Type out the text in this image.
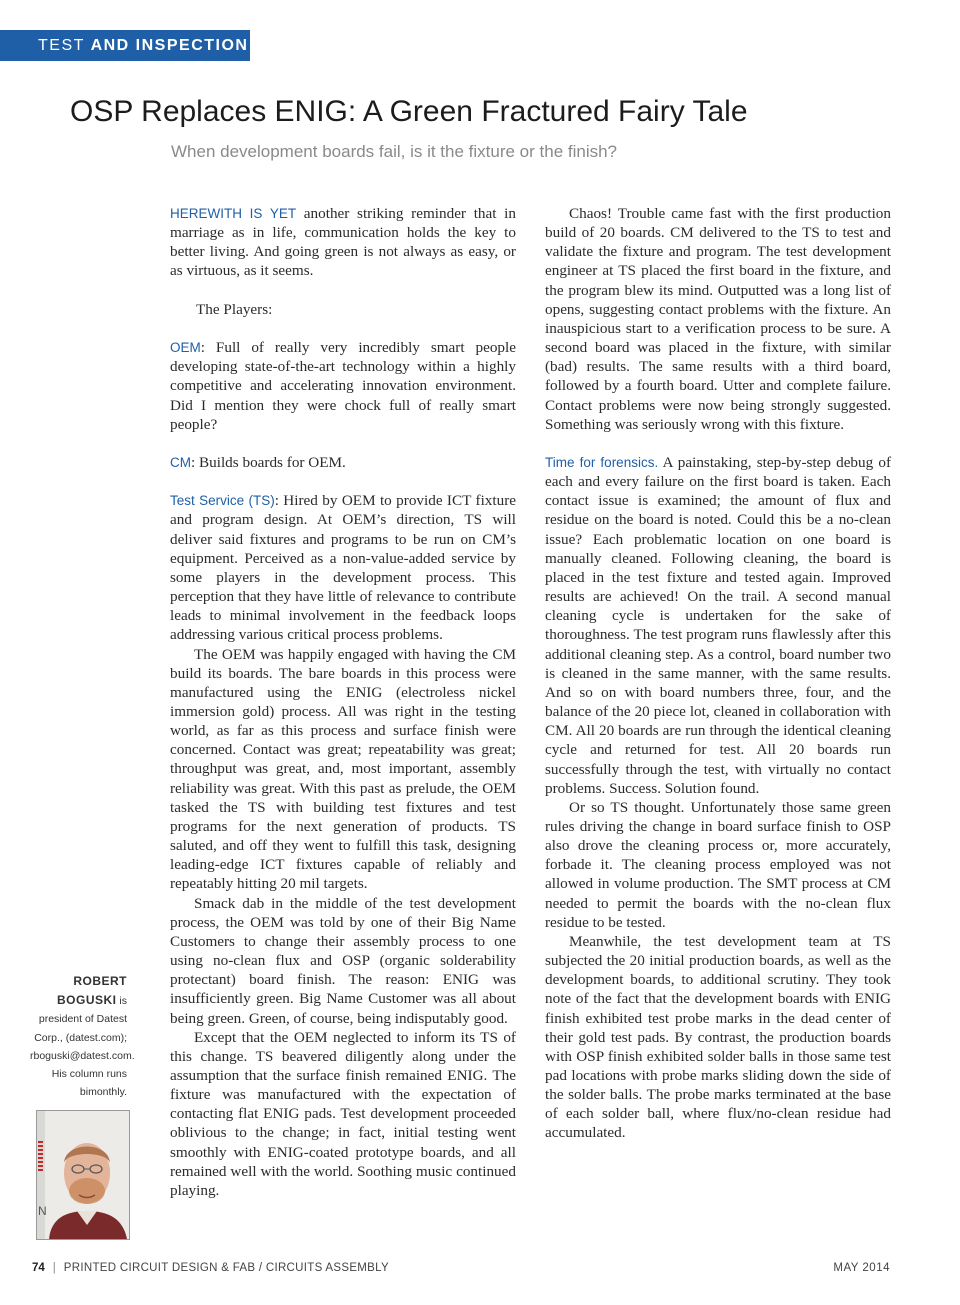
TEST AND INSPECTION
OSP Replaces ENIG: A Green Fractured Fairy Tale
When development boards fail, is it the fixture or the finish?

HEREWITH IS YET another striking reminder that in marriage as in life, communication holds the key to better living. And going green is not always as easy, or as virtuous, as it seems.

The Players:

OEM: Full of really very incredibly smart people developing state-of-the-art technology within a highly competitive and accelerating innovation environment. Did I mention they were chock full of really smart people?

CM: Builds boards for OEM.

Test Service (TS): Hired by OEM to provide ICT fixture and program design. At OEM’s direction, TS will deliver said fixtures and programs to be run on CM’s equipment. Perceived as a non-value-added service by some players in the development process. This perception that they have little of relevance to contribute leads to minimal involvement in the feedback loops addressing various critical process problems.

The OEM was happily engaged with having the CM build its boards. The bare boards in this process were manufactured using the ENIG (electroless nickel immersion gold) process. All was right in the testing world, as far as this process and surface finish were concerned. Contact was great; repeatability was great; throughput was great, and, most important, assembly reliability was great. With this past as prelude, the OEM tasked the TS with building test fixtures and test programs for the next generation of products. TS saluted, and off they went to fulfill this task, designing leading-edge ICT fixtures capable of reliably and repeatably hitting 20 mil targets.

Smack dab in the middle of the test development process, the OEM was told by one of their Big Name Customers to change their assembly process to one using no-clean flux and OSP (organic solderability protectant) board finish. The reason: ENIG was insufficiently green. Big Name Customer was all about being green. Green, of course, being indisputably good.

Except that the OEM neglected to inform its TS of this change. TS beavered diligently along under the assumption that the surface finish remained ENIG. The fixture was manufactured with the expectation of contacting flat ENIG pads. Test development proceeded oblivious to the change; in fact, initial testing went smoothly with ENIG-coated prototype boards, and all remained well with the world. Soothing music continued playing.

Chaos! Trouble came fast with the first production build of 20 boards. CM delivered to the TS to test and validate the fixture and program. The test development engineer at TS placed the first board in the fixture, and the program blew its mind. Outputted was a long list of opens, suggesting contact problems with the fixture. An inauspicious start to a verification process to be sure. A second board was placed in the fixture, with similar (bad) results. The same results with a third board, followed by a fourth board. Utter and complete failure. Contact problems were now being strongly suggested. Something was seriously wrong with this fixture.

Time for forensics. A painstaking, step-by-step debug of each and every failure on the first board is taken. Each contact issue is examined; the amount of flux and residue on the board is noted. Could this be a no-clean issue? Each problematic location on one board is manually cleaned. Following cleaning, the board is placed in the test fixture and tested again. Improved results are achieved! On the trail. A second manual cleaning cycle is undertaken for the sake of thoroughness. The test program runs flawlessly after this additional cleaning step. As a control, board number two is cleaned in the same manner, with the same results. And so on with board numbers three, four, and the balance of the 20 piece lot, cleaned in collaboration with CM. All 20 boards are run through the identical cleaning cycle and returned for test. All 20 boards run successfully through the test, with virtually no contact problems. Success. Solution found.

Or so TS thought. Unfortunately those same green rules driving the change in board surface finish to OSP also drove the cleaning process or, more accurately, forbade it. The cleaning process employed was not allowed in volume production. The SMT process at CM needed to permit the boards with the no-clean flux residue to be tested.

Meanwhile, the test development team at TS subjected the 20 initial production boards, as well as the development boards, to additional scrutiny. They took note of the fact that the development boards with ENIG finish exhibited test probe marks in the dead center of their gold test pads. By contrast, the production boards with OSP finish exhibited solder balls in those same test pad locations with probe marks sliding down the side of the solder balls. The probe marks terminated at the base of each solder ball, where flux/no-clean residue had accumulated.

ROBERT
BOGUSKI is president of Datest Corp., (datest.com); rboguski@datest.com. His column runs bimonthly.
N
74 | PRINTED CIRCUIT DESIGN & FAB / CIRCUITS ASSEMBLY	MAY 2014
